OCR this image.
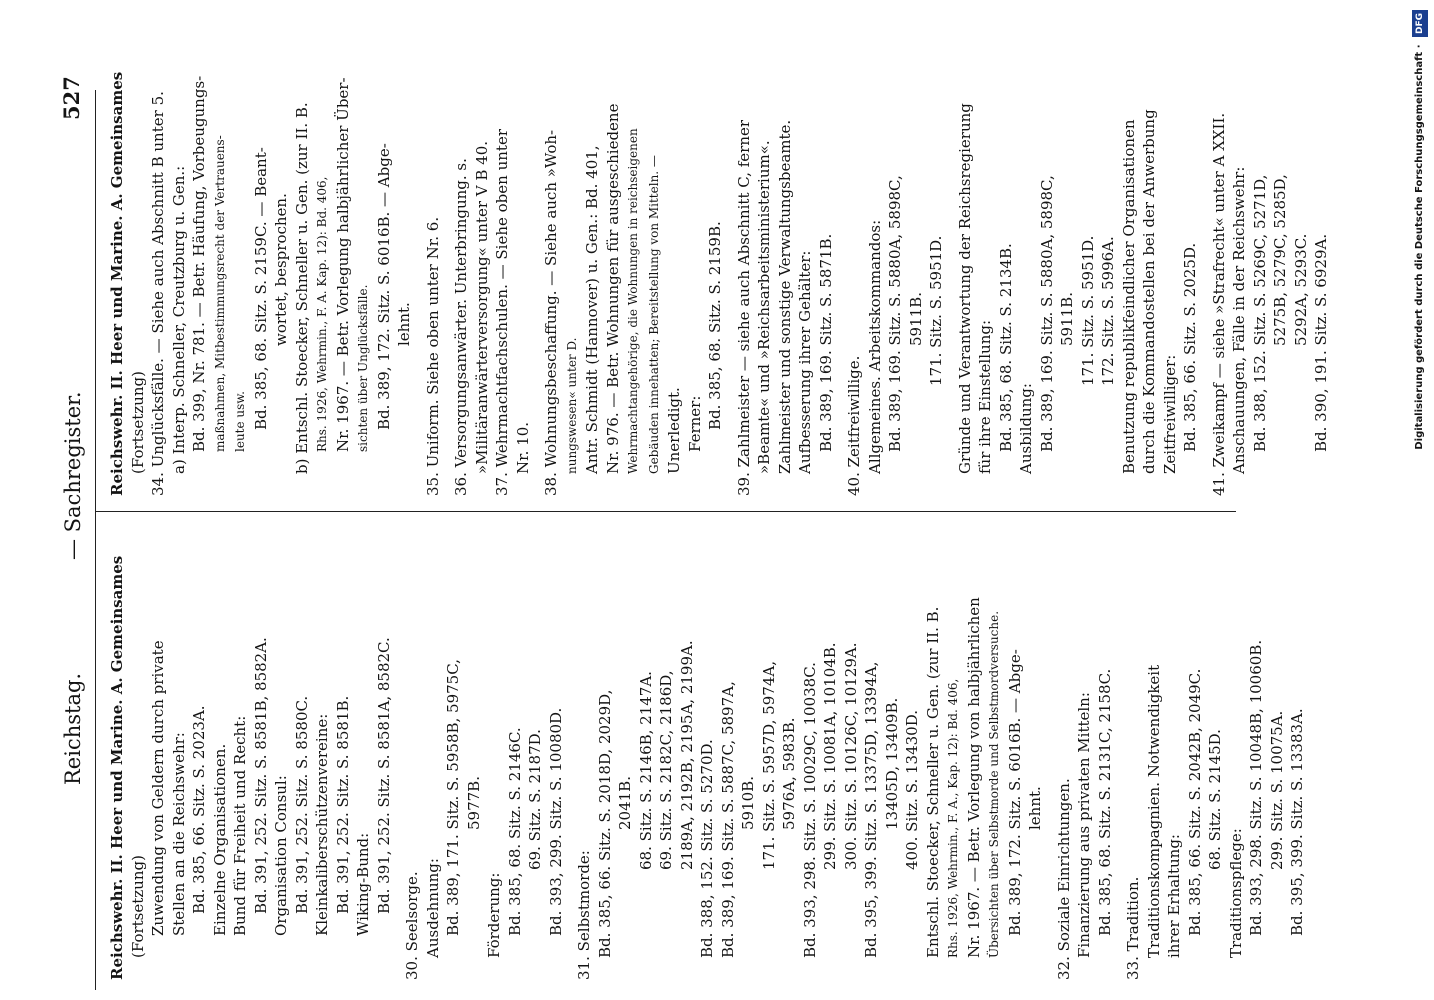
Reichstag.
— Sachregister.
527
Reichswehr. II. Heer und Marine. A. Gemeinsames (Fortsetzung) Zuwendung von Geldern durch private Stellen an die Reichswehr: Bd. 385, 66. Sitz. S. 2023A. Einzelne Organisationen. Bund für Freiheit und Recht: Bd. 391, 252. Sitz. S. 8581B, 8582A. Organisation Consul: Bd. 391, 252. Sitz. S. 8580C. Kleinkaliberschützenvereine: Bd. 391, 252. Sitz. S. 8581B. Wiking-Bund: Bd. 391, 252. Sitz. S. 8581A, 8582C.
30. Seelsorge. Ausdehnung: Bd. 389, 171. Sitz. S. 5958B, 5975C, 5977B.
Förderung: Bd. 385, 68. Sitz. S. 2146C. 69. Sitz. S. 2187D. Bd. 393, 299. Sitz. S. 10080D. 31. Selbstmorde: Bd. 385, 66. Sitz. S. 2018D, 2029D, 2041B. 68. Sitz. S. 2146B, 2147A. 69. Sitz. S. 2182C, 2186D, 2189A, 2192B, 2195A, 2199A. Bd. 388, 152. Sitz. S. 5270D. Bd. 389, 169. Sitz. S. 5887C, 5897A, 5910B. 171. Sitz. S. 5957D, 5974A, 5976A, 5983B. Bd. 393, 298. Sitz. S. 10029C, 10038C. 299. Sitz. S. 10081A, 10104B. 300. Sitz. S. 10126C, 10129A. Bd. 395, 399. Sitz. S. 13375D, 13394A, 13405D, 13409B. 400. Sitz. S. 13430D. Entschl. Stoecker, Schneller u. Gen. (zur II. B. Rhs. 1926, Wehrmin., F. A., Kap. 12): Bd. 406, Nr. 1967. — Betr. Vorlegung von halbjährlichen Übersichten über Selbstmorde und Selbstmordversuche. Bd. 389, 172. Sitz. S. 6016B. — Abge- lehnt. 32. Soziale Einrichtungen. Finanzierung aus privaten Mitteln: Bd. 385, 68. Sitz. S. 2131C, 2158C. 33. Tradition. Traditionskompagnien. Notwendigkeit ihrer Erhaltung: Bd. 385, 66. Sitz. S. 2042B, 2049C. 68. Sitz. S. 2145D.
Traditionspflege: Bd. 393, 298. Sitz. S. 10048B, 10060B. 299. Sitz. S. 10075A. Bd. 395, 399. Sitz. S. 13383A.
Reichswehr. II. Heer und Marine. A. Gemeinsames (Fortsetzung) 34. Unglücksfälle. — Siehe auch Abschnitt B unter 5. a) Interp. Schneller, Creutzburg u. Gen.: Bd. 399, Nr. 781. — Betr. Häufung, Vorbeugungs- maßnahmen, Mitbestimmungsrecht der Vertrauens- leute usw. Bd. 385, 68. Sitz. S. 2159C. — Beant- wortet, besprochen. b) Entschl. Stoecker, Schneller u. Gen. (zur II. B. Rhs. 1926, Wehrmin., F. A. Kap. 12): Bd. 406, Nr. 1967. — Betr. Vorlegung halbjährlicher Über- sichten über Unglücksfälle. Bd. 389, 172. Sitz. S. 6016B. — Abge- lehnt. 35. Uniform. Siehe oben unter Nr. 6. 36. Versorgungsanwärter. Unterbringung. s. »Militäranwärterversorgung« unter V B 40. 37. Wehrmachtfachschulen. — Siehe oben unter Nr. 10. 38. Wohnungsbeschaffung. — Siehe auch »Woh- nungswesen« unter D. Antr. Schmidt (Hannover) u. Gen.: Bd. 401, Nr. 976. — Betr. Wohnungen für ausgeschiedene Wehrmachtangehörige, die Wohnungen in reichseigenen Gebäuden innehatten; Bereitstellung von Mitteln. — Unerledigt. Ferner: Bd. 385, 68. Sitz. S. 2159B. 39. Zahlmeister — siehe auch Abschnitt C, ferner »Beamte« und »Reichsarbeitsministerium«. Zahlmeister und sonstige Verwaltungsbeamte. Aufbesserung ihrer Gehälter: Bd. 389, 169. Sitz. S. 5871B. 40. Zeitfreiwillige. Allgemeines. Arbeitskommandos: Bd. 389, 169. Sitz. S. 5880A, 5898C, 5911B. 171. Sitz. S. 5951D. Gründe und Verantwortung der Reichsregierung für ihre Einstellung: Bd. 385, 68. Sitz. S. 2134B. Ausbildung: Bd. 389, 169. Sitz. S. 5880A, 5898C, 5911B. 171. Sitz. S. 5951D. 172. Sitz. S. 5996A. Benutzung republikfeindlicher Organisationen durch die Kommandostellen bei der Anwerbung Zeitfreiwilliger: Bd. 385, 66. Sitz. S. 2025D. 41. Zweikampf — siehe »Strafrecht« unter A XXII. Anschauungen, Fälle in der Reichswehr: Bd. 388, 152. Sitz. S. 5269C, 5271D, 5275B, 5279C, 5285D, 5292A, 5293C. Bd. 390, 191. Sitz. S. 6929A.	Digitalisierung gefördert durch die Deutsche Forschungsgemeinschaft · DFG
